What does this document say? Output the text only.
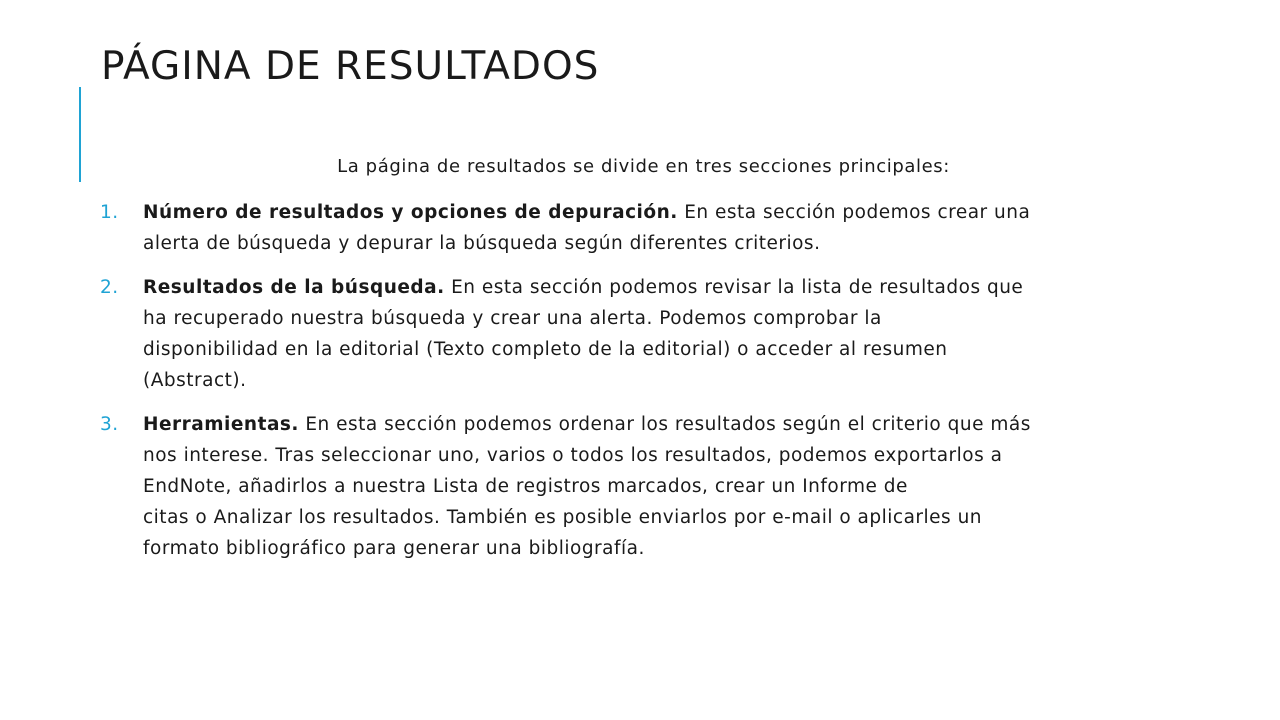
PÁGINA DE RESULTADOS
La página de resultados se divide en tres secciones principales:
1.	Número de resultados y opciones de depuración. En esta sección podemos crear una
alerta de búsqueda y depurar la búsqueda según diferentes criterios.
2.	Resultados de la búsqueda. En esta sección podemos revisar la lista de resultados que
ha recuperado nuestra búsqueda y crear una alerta. Podemos comprobar la
disponibilidad en la editorial (Texto completo de la editorial) o acceder al resumen
(Abstract).
3.	Herramientas. En esta sección podemos ordenar los resultados según el criterio que más
nos interese. Tras seleccionar uno, varios o todos los resultados, podemos exportarlos a
EndNote, añadirlos a nuestra Lista de registros marcados, crear un Informe de
citas o Analizar los resultados. También es posible enviarlos por e-mail o aplicarles un
formato bibliográfico para generar una bibliografía.
